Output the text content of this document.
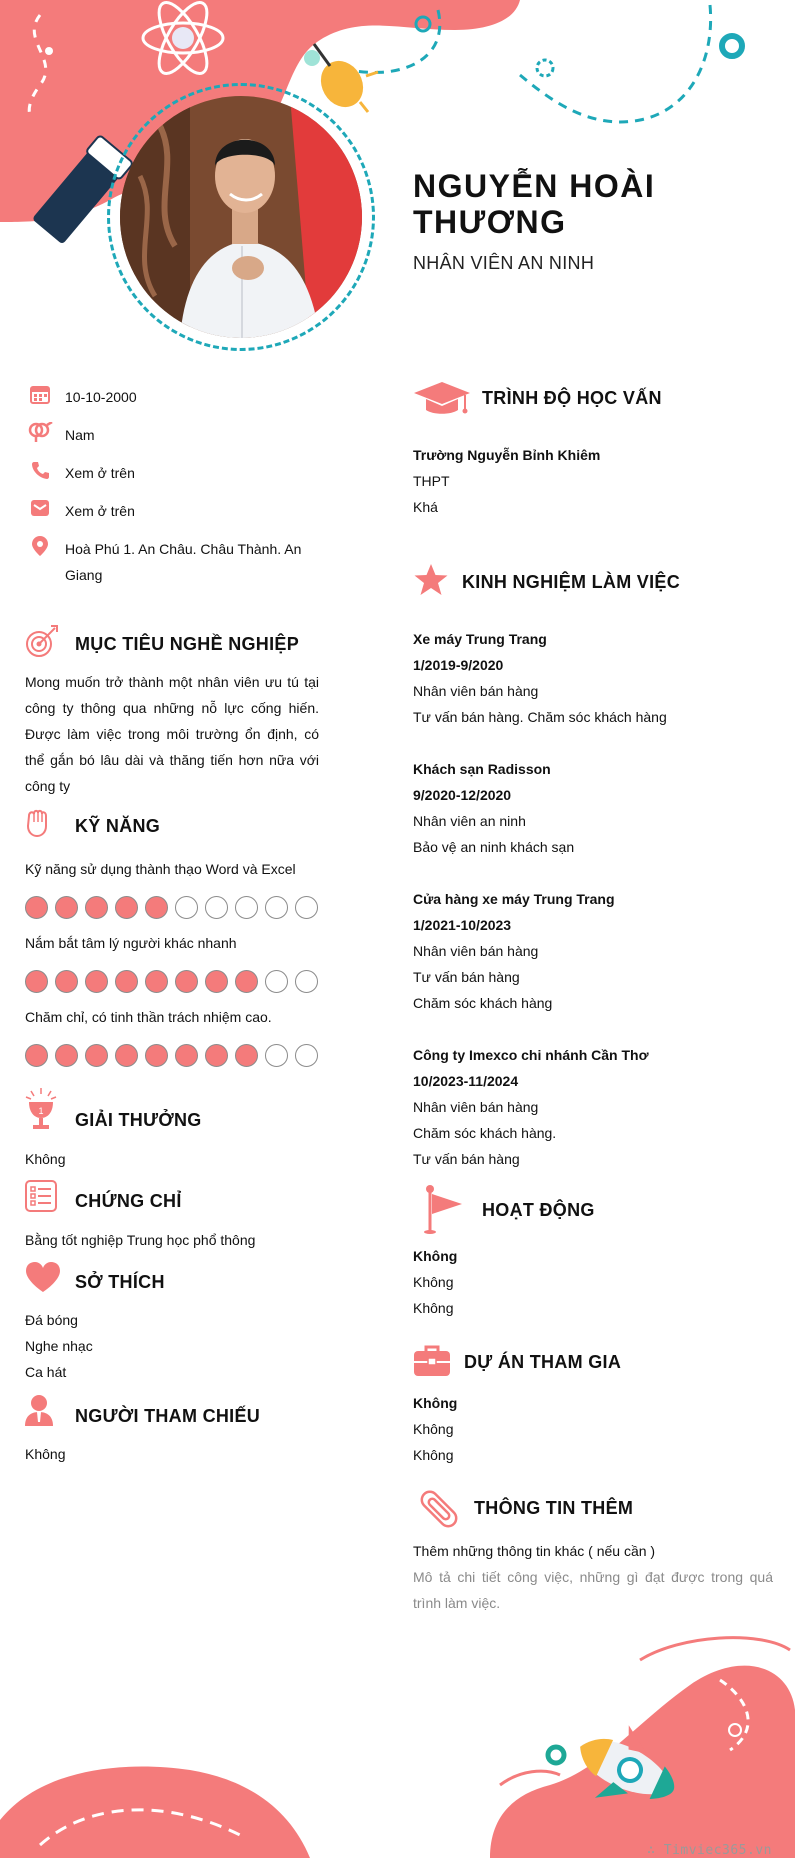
NGUYỄN HOÀI THƯƠNG
NHÂN VIÊN AN NINH
10-10-2000
Nam
Xem ở trên
Xem ở trên
Hoà Phú 1. An Châu. Châu Thành. An Giang
MỤC TIÊU NGHỀ NGHIỆP
Mong muốn trở thành một nhân viên ưu tú tại công ty thông qua những nỗ lực cống hiến. Được làm việc trong môi trường ổn định, có thể gắn bó lâu dài và thăng tiến hơn nữa với công ty
KỸ NĂNG
Kỹ năng sử dụng thành thạo Word và Excel
Nắm bắt tâm lý người khác nhanh
Chăm chỉ, có tinh thần trách nhiệm cao.
1 GIẢI THƯỞNG
Không
CHỨNG CHỈ
Bằng tốt nghiệp Trung học phổ thông
SỞ THÍCH
Đá bóng
Nghe nhạc
Ca hát
NGƯỜI THAM CHIẾU
Không
TRÌNH ĐỘ HỌC VẤN
Trường Nguyễn Bỉnh Khiêm
THPT
Khá
KINH NGHIỆM LÀM VIỆC
Xe máy Trung Trang
1/2019-9/2020
Nhân viên bán hàng
Tư vấn bán hàng. Chăm sóc khách hàng
Khách sạn Radisson
9/2020-12/2020
Nhân viên an ninh
Bảo vệ an ninh khách sạn
Cửa hàng xe máy Trung Trang
1/2021-10/2023
Nhân viên bán hàng
Tư vấn bán hàng
Chăm sóc khách hàng
Công ty Imexco chi nhánh Cần Thơ
10/2023-11/2024
Nhân viên bán hàng
Chăm sóc khách hàng.
Tư vấn bán hàng
HOẠT ĐỘNG
Không
Không
Không
DỰ ÁN THAM GIA
Không
Không
Không
THÔNG TIN THÊM
Thêm những thông tin khác ( nếu cần )
Mô tả chi tiết công việc, những gì đạt được trong quá trình làm việc.
∴ Timviec365.vn
